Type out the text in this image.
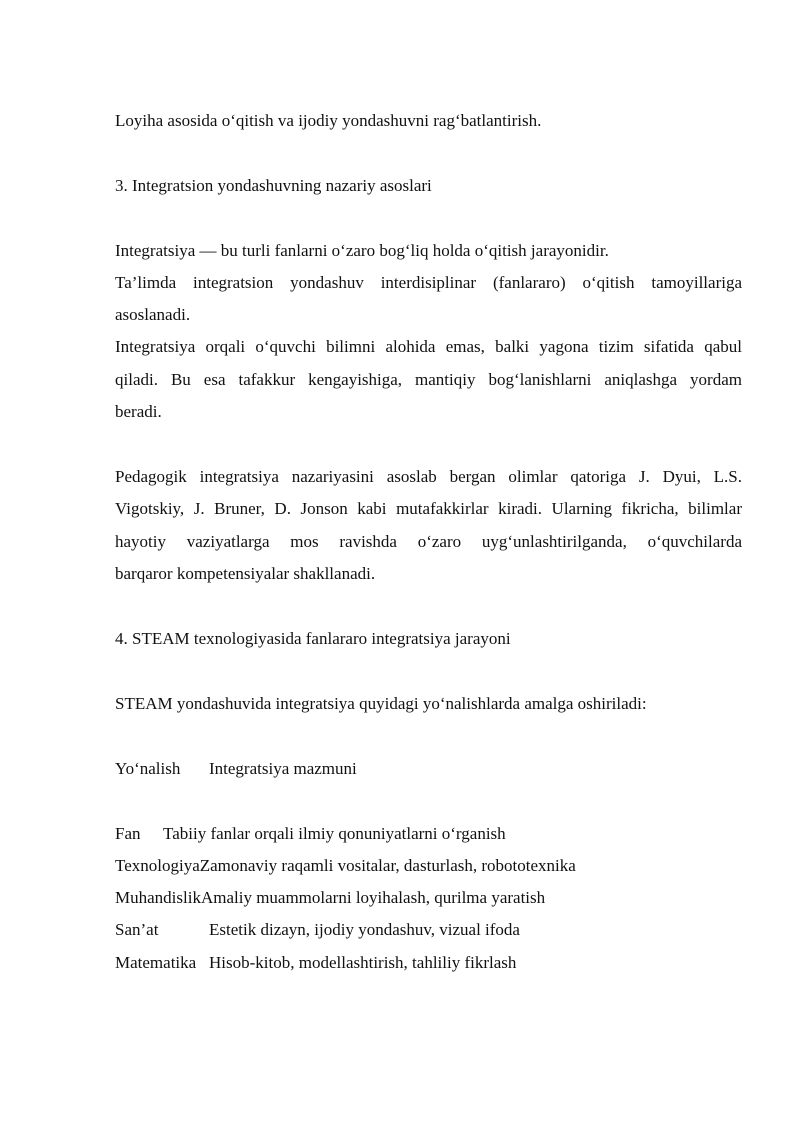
Loyiha asosida o‘qitish va ijodiy yondashuvni rag‘batlantirish.
3. Integratsion yondashuvning nazariy asoslari
Integratsiya — bu turli fanlarni o‘zaro bog‘liq holda o‘qitish jarayonidir.
Ta’limda integratsion yondashuv interdisiplinar (fanlararo) o‘qitish tamoyillariga
asoslanadi.
Integratsiya orqali o‘quvchi bilimni alohida emas, balki yagona tizim sifatida qabul
qiladi. Bu esa tafakkur kengayishiga, mantiqiy bog‘lanishlarni aniqlashga yordam
beradi.
Pedagogik integratsiya nazariyasini asoslab bergan olimlar qatoriga J. Dyui, L.S.
Vigotskiy, J. Bruner, D. Jonson kabi mutafakkirlar kiradi. Ularning fikricha, bilimlar
hayotiy vaziyatlarga mos ravishda o‘zaro uyg‘unlashtirilganda, o‘quvchilarda
barqaror kompetensiyalar shakllanadi.
4. STEAM texnologiyasida fanlararo integratsiya jarayoni
STEAM yondashuvida integratsiya quyidagi yo‘nalishlarda amalga oshiriladi:
Yo‘nalish Integratsiya mazmuni
Fan Tabiiy fanlar orqali ilmiy qonuniyatlarni o‘rganish
TexnologiyaZamonaviy raqamli vositalar, dasturlash, robototexnika
MuhandislikAmaliy muammolarni loyihalash, qurilma yaratish
San’at	Estetik dizayn, ijodiy yondashuv, vizual ifoda
Matematika Hisob-kitob, modellashtirish, tahliliy fikrlash
